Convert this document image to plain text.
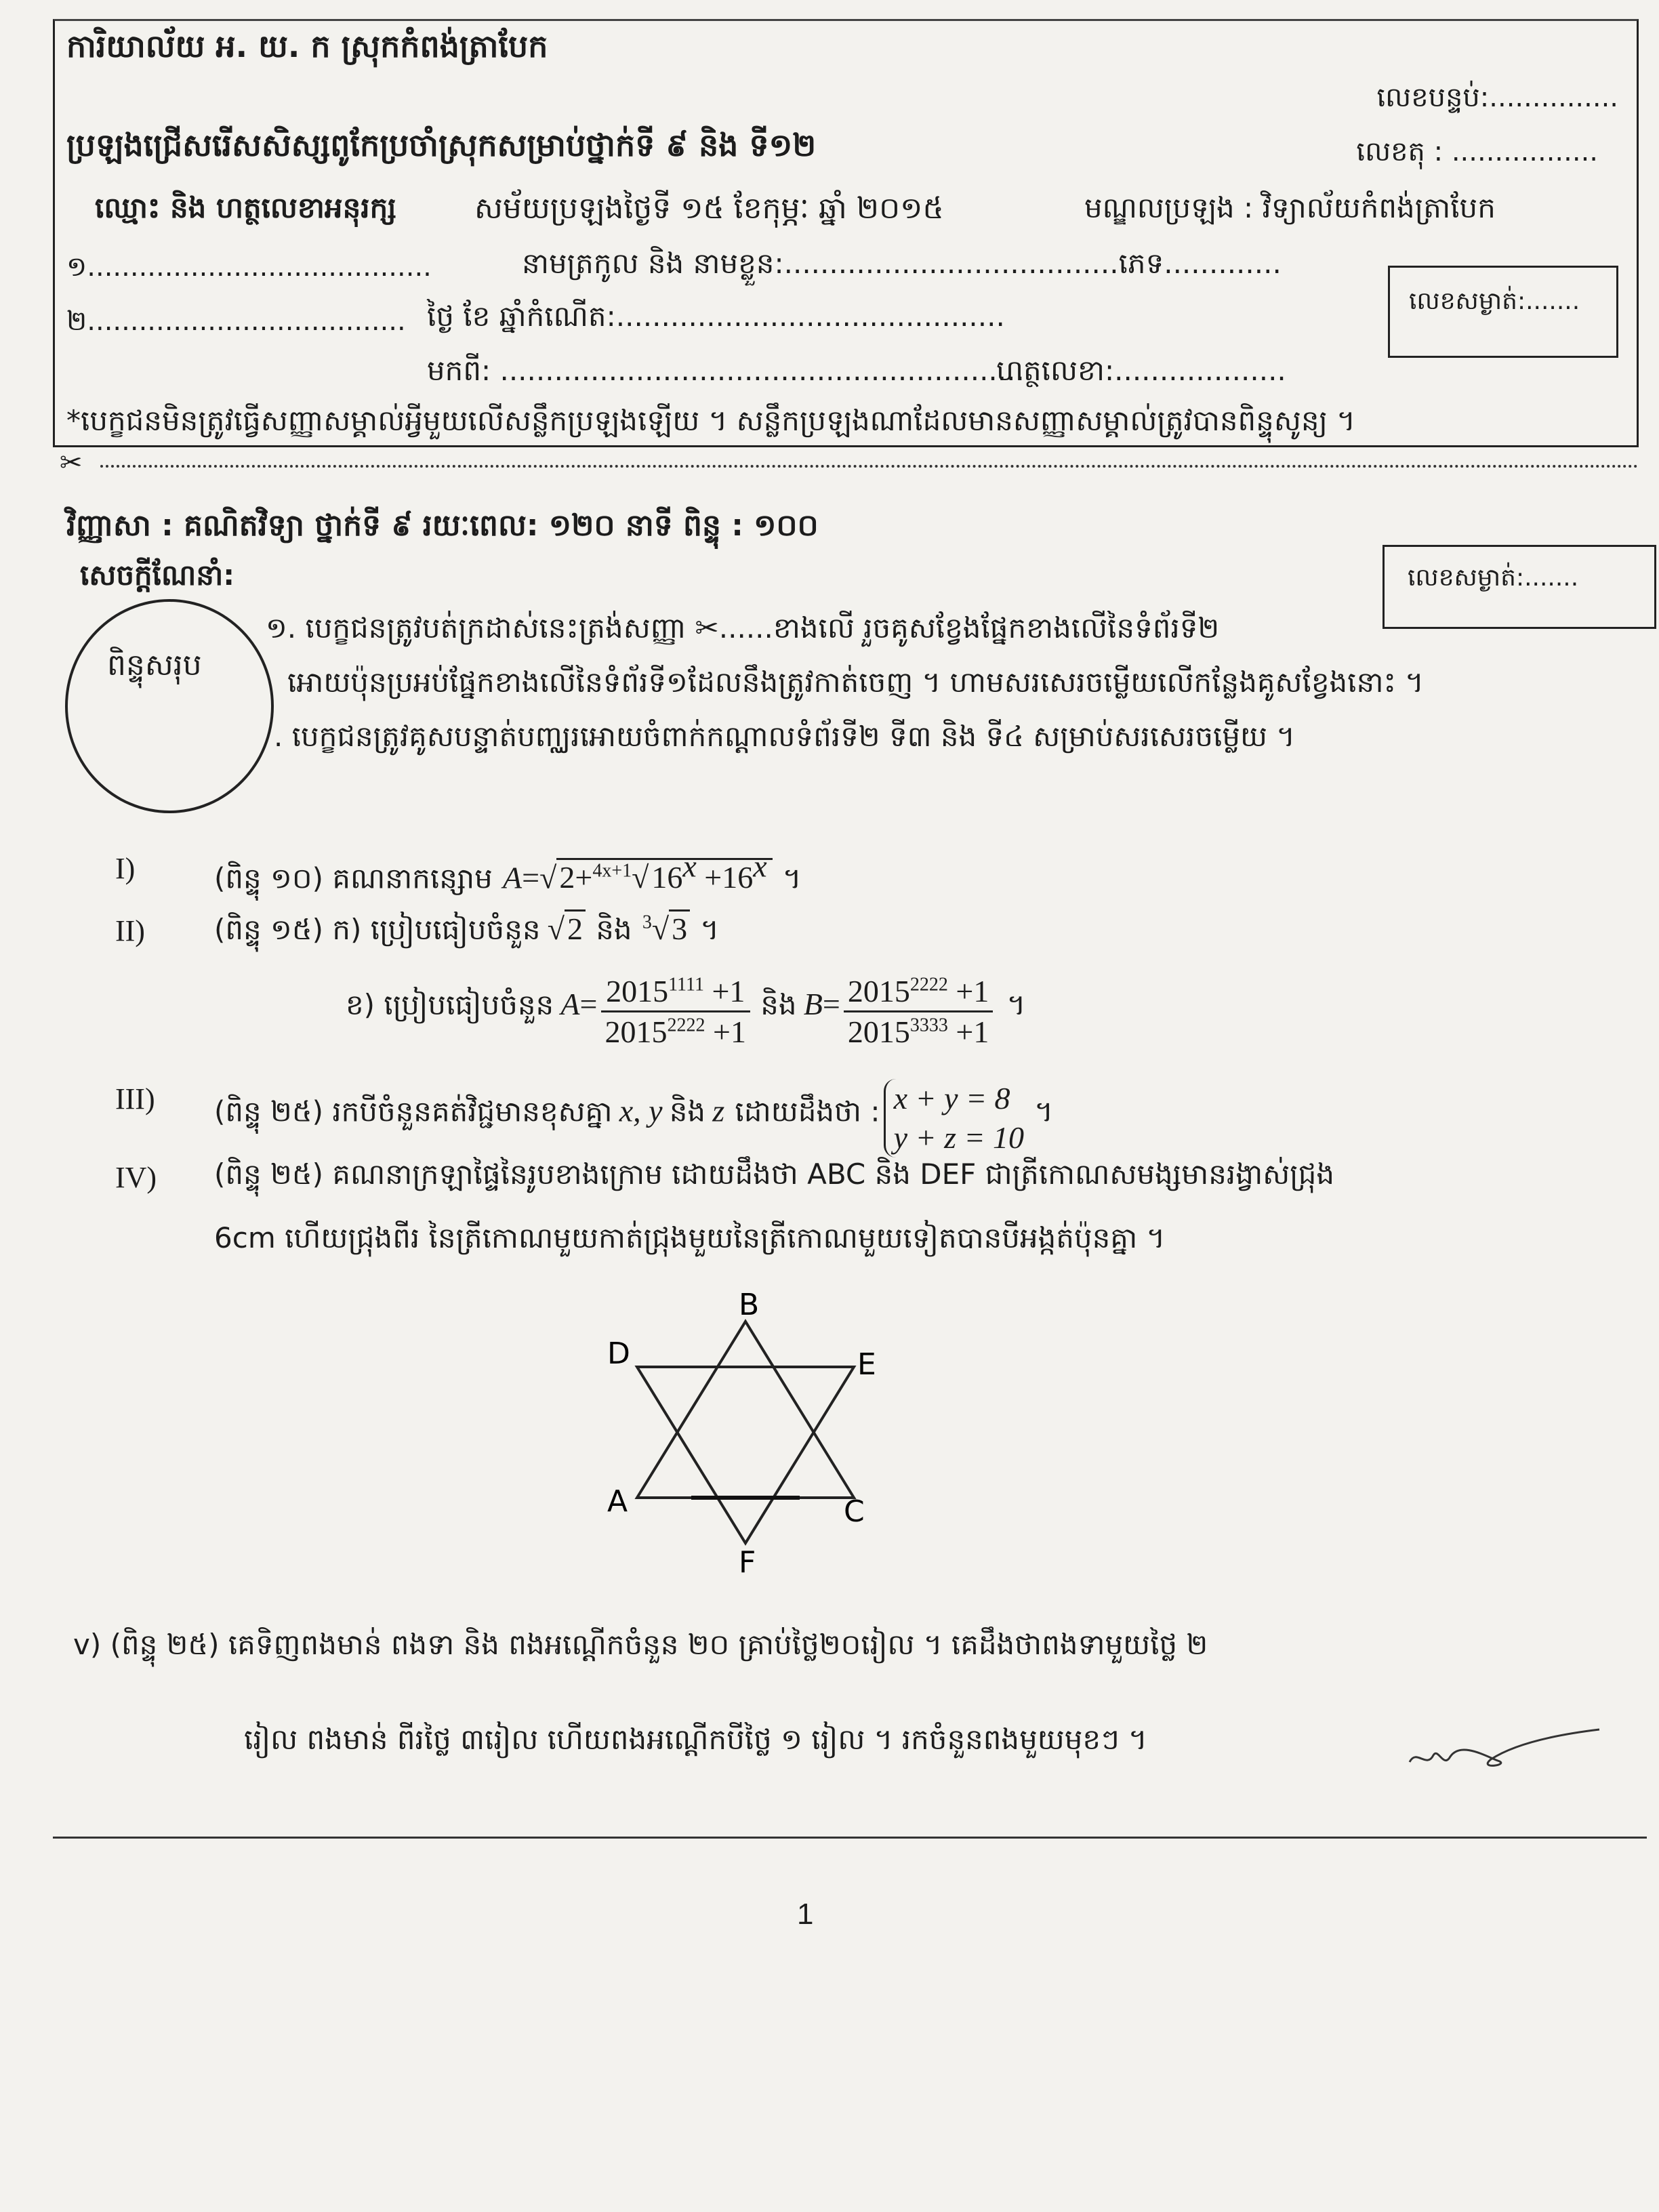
ការិយាល័យ អ. យ. ក ស្រុកកំពង់ត្រាបែក
លេខបន្ទប់:...............
ប្រឡងជ្រើសរើសសិស្សពូកែប្រចាំស្រុកសម្រាប់ថ្នាក់ទី ៩ និង ទី១២	លេខតុ : .................
ឈ្មោះ និង ហត្ថលេខាអនុរក្ស	សម័យប្រឡងថ្ងៃទី ១៥ ខែកុម្ភៈ ឆ្នាំ ២០១៥	មណ្ឌលប្រឡង : វិទ្យាល័យកំពង់ត្រាបែក
១........................................	នាមត្រកូល និង នាមខ្លួន:.....................................ភេទ.............
២..................................... ថ្ងៃ ខែ ឆ្នាំកំណើត:...........................................
មកពី: ..........................................................
ហត្ថលេខា:...................
លេខសម្ងាត់:.......
*បេក្ខជនមិនត្រូវធ្វើសញ្ញាសម្គាល់អ្វីមួយលើសន្លឹកប្រឡងឡើយ ។ សន្លឹកប្រឡងណាដែលមានសញ្ញាសម្គាល់ត្រូវបានពិន្ទុសូន្យ ។
✂
វិញ្ញាសា : គណិតវិទ្យា ថ្នាក់ទី ៩ រយៈពេល: ១២០ នាទី ពិន្ទុ : ១០០
សេចក្តីណែនាំ:	លេខសម្ងាត់:.......
ពិន្ទុសរុប
១. បេក្ខជនត្រូវបត់ក្រដាស់នេះត្រង់សញ្ញា ✂......ខាងលើ រួចគូសខ្វែងផ្នែកខាងលើនៃទំព័រទី២
អោយប៉ុនប្រអប់ផ្នែកខាងលើនៃទំព័រទី១ដែលនឹងត្រូវកាត់ចេញ ។ ហាមសរសេរចម្លើយលើកន្លែងគូសខ្វែងនោះ ។
. បេក្ខជនត្រូវគូសបន្ទាត់បញ្ឈរអោយចំពាក់កណ្តាលទំព័រទី២ ទី៣ និង ទី៤ សម្រាប់សរសេរចម្លើយ ។
I)	(ពិន្ទុ ១០) គណនាកន្សោម $A=√2+^{4x+1}√16^x +16^x$ ។
II) (ពិន្ទុ ១៥) ក) ប្រៀបធៀបចំនួន √2 និង $^3$√3 ។
ខ) ប្រៀបធៀបចំនួន $A= \frac{2015^{1111} +1}{2015^{2222} +1}$ និង $B= \frac{2015^{2222} +1}{2015^{3333} +1}$ ។
III) (ពិន្ទុ ២៥) រកបីចំនួនគត់វិជ្ជមានខុសគ្នា x, y និង z ដោយដឹងថា : x + y = 8
y + z = 10
។
IV) (ពិន្ទុ ២៥) គណនាក្រឡាផ្ទៃនៃរូបខាងក្រោម ដោយដឹងថា ABC និង DEF ជាត្រីកោណសមង្សមានរង្វាស់ជ្រុង
6cm ហើយជ្រុងពីរ នៃត្រីកោណមួយកាត់ជ្រុងមួយនៃត្រីកោណមួយទៀតបានបីអង្កត់ប៉ុនគ្នា ។
B
D	E
A	C
F
v) (ពិន្ទុ ២៥) គេទិញពងមាន់ ពងទា និង ពងអណ្តើកចំនួន ២០ គ្រាប់ថ្លៃ២០រៀល ។ គេដឹងថាពងទាមួយថ្លៃ ២
រៀល ពងមាន់ ពីរថ្លៃ ៣រៀល ហើយពងអណ្តើកបីថ្លៃ ១ រៀល ។ រកចំនួនពងមួយមុខៗ ។
1
